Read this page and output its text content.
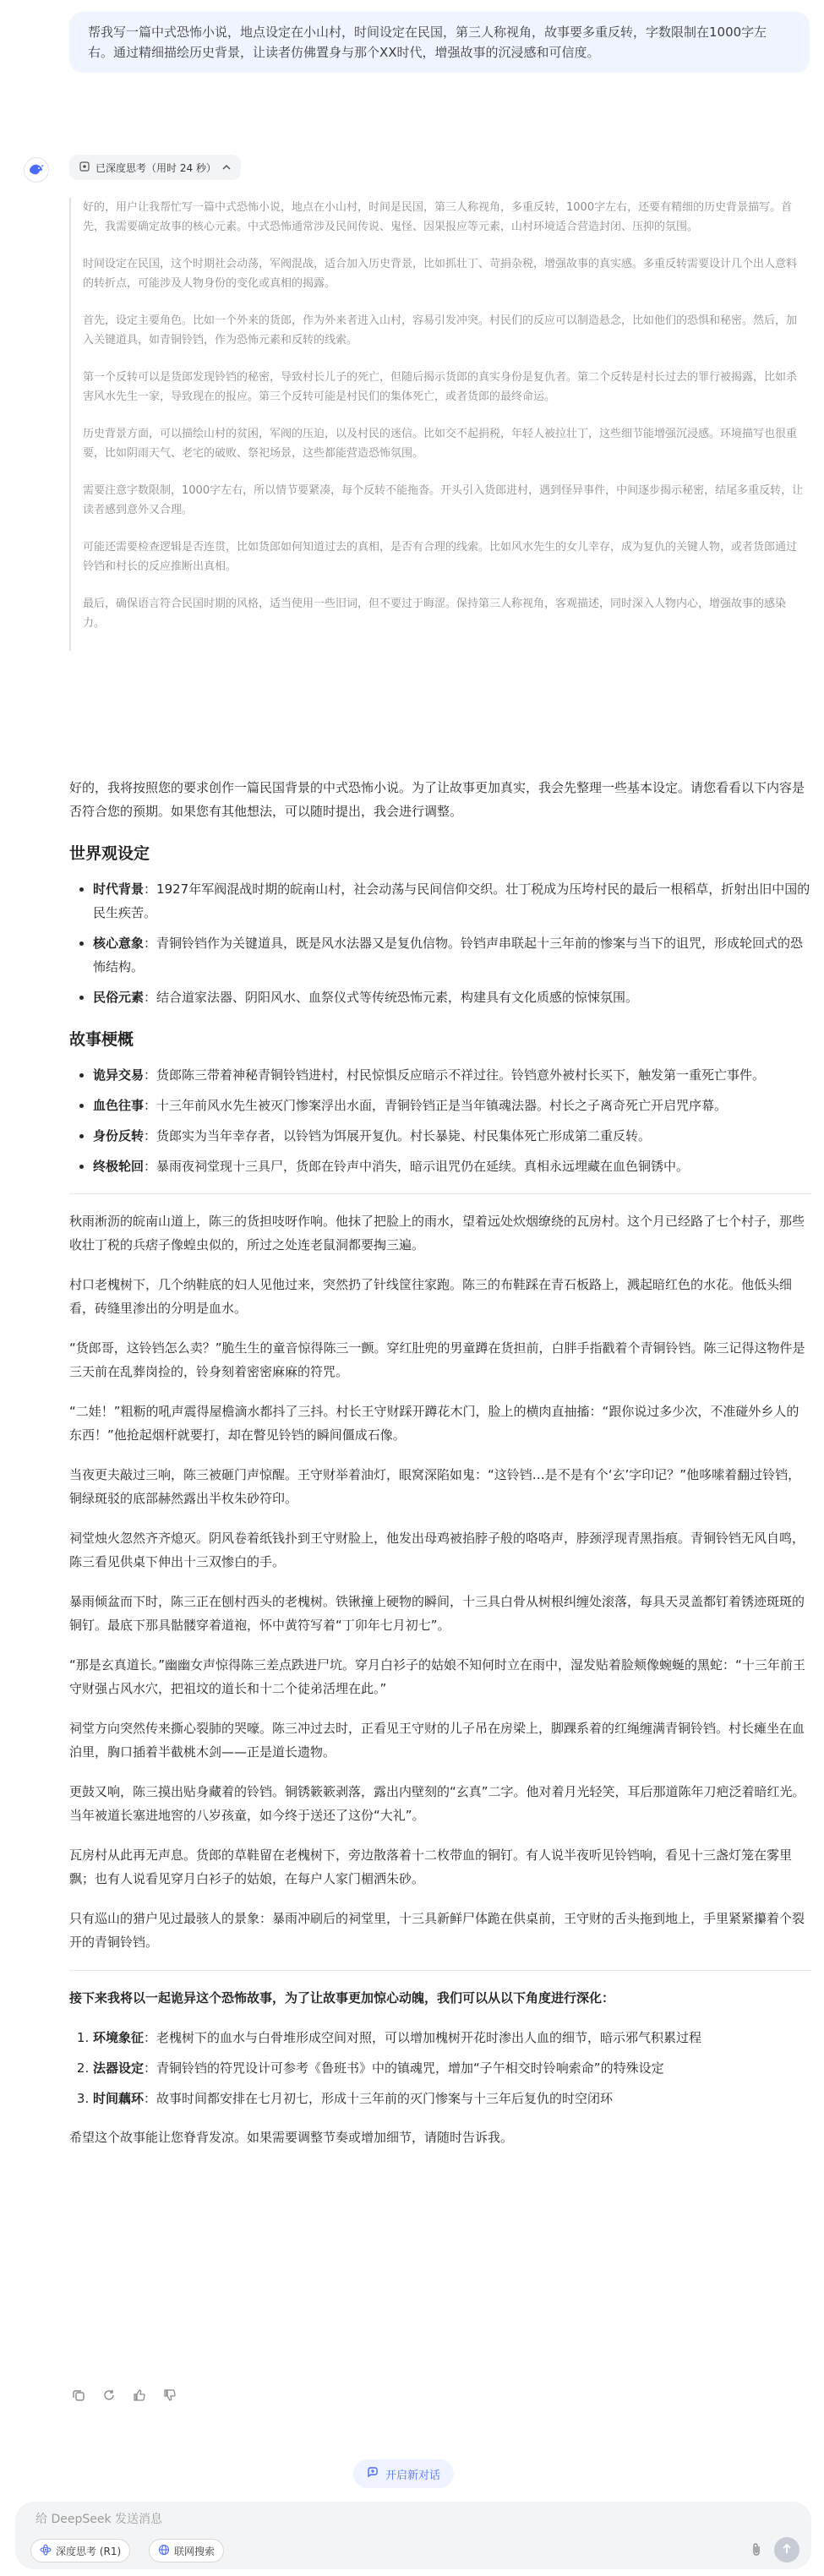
帮我写一篇中式恐怖小说，地点设定在小山村，时间设定在民国，第三人称视角，故事要多重反转，字数限制在1000字左右。通过精细描绘历史背景，让读者仿佛置身与那个XX时代，增强故事的沉浸感和可信度。
已深度思考（用时 24 秒）

好的，用户让我帮忙写一篇中式恐怖小说，地点在小山村，时间是民国，第三人称视角，多重反转，1000字左右，还要有精细的历史背景描写。首先，我需要确定故事的核心元素。中式恐怖通常涉及民间传说、鬼怪、因果报应等元素，山村环境适合营造封闭、压抑的氛围。

时间设定在民国，这个时期社会动荡，军阀混战，适合加入历史背景，比如抓壮丁、苛捐杂税，增强故事的真实感。多重反转需要设计几个出人意料的转折点，可能涉及人物身份的变化或真相的揭露。

首先，设定主要角色。比如一个外来的货郎，作为外来者进入山村，容易引发冲突。村民们的反应可以制造悬念，比如他们的恐惧和秘密。然后，加入关键道具，如青铜铃铛，作为恐怖元素和反转的线索。

第一个反转可以是货郎发现铃铛的秘密，导致村长儿子的死亡，但随后揭示货郎的真实身份是复仇者。第二个反转是村长过去的罪行被揭露，比如杀害风水先生一家，导致现在的报应。第三个反转可能是村民们的集体死亡，或者货郎的最终命运。

历史背景方面，可以描绘山村的贫困，军阀的压迫，以及村民的迷信。比如交不起捐税，年轻人被拉壮丁，这些细节能增强沉浸感。环境描写也很重要，比如阴雨天气、老宅的破败、祭祀场景，这些都能营造恐怖氛围。

需要注意字数限制，1000字左右，所以情节要紧凑，每个反转不能拖沓。开头引入货郎进村，遇到怪异事件，中间逐步揭示秘密，结尾多重反转，让读者感到意外又合理。

可能还需要检查逻辑是否连贯，比如货郎如何知道过去的真相，是否有合理的线索。比如风水先生的女儿幸存，成为复仇的关键人物，或者货郎通过铃铛和村长的反应推断出真相。

最后，确保语言符合民国时期的风格，适当使用一些旧词，但不要过于晦涩。保持第三人称视角，客观描述，同时深入人物内心，增强故事的感染力。

好的，我将按照您的要求创作一篇民国背景的中式恐怖小说。为了让故事更加真实，我会先整理一些基本设定。请您看看以下内容是否符合您的预期。如果您有其他想法，可以随时提出，我会进行调整。

世界观设定
• 时代背景：1927年军阀混战时期的皖南山村，社会动荡与民间信仰交织。壮丁税成为压垮村民的最后一根稻草，折射出旧中国的民生疾苦。
• 核心意象：青铜铃铛作为关键道具，既是风水法器又是复仇信物。铃铛声串联起十三年前的惨案与当下的诅咒，形成轮回式的恐怖结构。
• 民俗元素：结合道家法器、阴阳风水、血祭仪式等传统恐怖元素，构建具有文化质感的惊悚氛围。
故事梗概
• 诡异交易：货郎陈三带着神秘青铜铃铛进村，村民惊惧反应暗示不祥过往。铃铛意外被村长买下，触发第一重死亡事件。
• 血色往事：十三年前风水先生被灭门惨案浮出水面，青铜铃铛正是当年镇魂法器。村长之子离奇死亡开启咒序幕。
• 身份反转：货郎实为当年幸存者，以铃铛为饵展开复仇。村长暴毙、村民集体死亡形成第二重反转。
• 终极轮回：暴雨夜祠堂现十三具尸，货郎在铃声中消失，暗示诅咒仍在延续。真相永远埋藏在血色铜锈中。

秋雨淅沥的皖南山道上，陈三的货担吱呀作响。他抹了把脸上的雨水，望着远处炊烟缭绕的瓦房村。这个月已经路了七个村子，那些收壮丁税的兵痞子像蝗虫似的，所过之处连老鼠洞都要掏三遍。

村口老槐树下，几个纳鞋底的妇人见他过来，突然扔了针线筐往家跑。陈三的布鞋踩在青石板路上，溅起暗红色的水花。他低头细看，砖缝里渗出的分明是血水。

“货郎哥，这铃铛怎么卖？”脆生生的童音惊得陈三一颤。穿红肚兜的男童蹲在货担前，白胖手指戳着个青铜铃铛。陈三记得这物件是三天前在乱葬岗捡的，铃身刻着密密麻麻的符咒。

“二娃！”粗粝的吼声震得屋檐滴水都抖了三抖。村长王守财踩开蹲花木门，脸上的横肉直抽搐：“跟你说过多少次，不准碰外乡人的东西！”他抢起烟杆就要打，却在瞥见铃铛的瞬间僵成石像。

当夜更夫敲过三响，陈三被砸门声惊醒。王守财举着油灯，眼窝深陷如鬼：“这铃铛…是不是有个‘玄’字印记？”他哆嗦着翻过铃铛，铜绿斑驳的底部赫然露出半枚朱砂符印。

祠堂烛火忽然齐齐熄灭。阴风卷着纸钱扑到王守财脸上，他发出母鸡被掐脖子般的咯咯声，脖颈浮现青黑指痕。青铜铃铛无风自鸣，陈三看见供桌下伸出十三双惨白的手。

暴雨倾盆而下时，陈三正在刨村西头的老槐树。铁锹撞上硬物的瞬间，十三具白骨从树根纠缠处滚落，每具天灵盖都钉着锈迹斑斑的铜钉。最底下那具骷髅穿着道袍，怀中黄符写着“丁卯年七月初七”。

“那是玄真道长。”幽幽女声惊得陈三差点跌进尸坑。穿月白衫子的姑娘不知何时立在雨中，湿发贴着脸颊像蜿蜒的黑蛇：“十三年前王守财强占风水穴，把祖坟的道长和十二个徒弟活埋在此。”

祠堂方向突然传来撕心裂肺的哭嚎。陈三冲过去时，正看见王守财的儿子吊在房梁上，脚踝系着的红绳缠满青铜铃铛。村长瘫坐在血泊里，胸口插着半截桃木剑——正是道长遗物。

更鼓又响，陈三摸出贴身藏着的铃铛。铜锈簌簌剥落，露出内壁刻的“玄真”二字。他对着月光轻笑，耳后那道陈年刀疤泛着暗红光。当年被道长塞进地窖的八岁孩童，如今终于送还了这份“大礼”。

瓦房村从此再无声息。货郎的草鞋留在老槐树下，旁边散落着十二枚带血的铜钉。有人说半夜听见铃铛响，看见十三盏灯笼在雾里飘；也有人说看见穿月白衫子的姑娘，在每户人家门楣洒朱砂。

只有巡山的猎户见过最骇人的景象：暴雨冲刷后的祠堂里，十三具新鲜尸体跪在供桌前，王守财的舌头拖到地上，手里紧紧攥着个裂开的青铜铃铛。

接下来我将以一起诡异这个恐怖故事，为了让故事更加惊心动魄，我们可以从以下角度进行深化：

1. 环境象征：老槐树下的血水与白骨堆形成空间对照，可以增加槐树开花时渗出人血的细节，暗示邪气积累过程
2. 法器设定：青铜铃铛的符咒设计可参考《鲁班书》中的镇魂咒，增加“子午相交时铃响索命”的特殊设定
3. 时间藕环：故事时间都安排在七月初七，形成十三年前的灭门惨案与十三年后复仇的时空闭环

希望这个故事能让您脊背发凉。如果需要调整节奏或增加细节，请随时告诉我。

开启新对话
给 DeepSeek 发送消息
深度思考 (R1)	联网搜索
